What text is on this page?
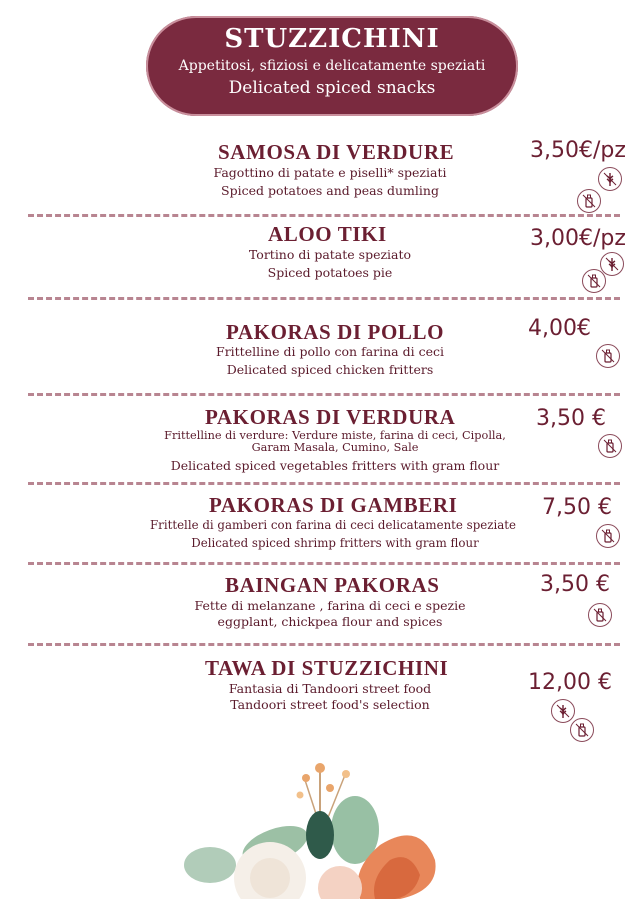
STUZZICHINI
Appetitosi, sfiziosi e delicatamente speziati
Delicated spiced snacks
SAMOSA DI VERDURE
Fagottino di patate e piselli* speziati
Spiced potatoes and peas dumling
3,50€/pz
ALOO TIKI
Tortino di patate speziato
Spiced potatoes pie
3,00€/pz
PAKORAS DI POLLO
Frittelline di pollo con farina di ceci
Delicated spiced chicken fritters
4,00€
PAKORAS DI VERDURA
Frittelline di verdure: Verdure miste, farina di ceci, Cipolla,
Garam Masala, Cumino, Sale
Delicated spiced vegetables fritters with gram flour
3,50 €
PAKORAS DI GAMBERI
Frittelle di gamberi con farina di ceci delicatamente speziate
Delicated spiced shrimp fritters with gram flour
7,50 €
BAINGAN PAKORAS
Fette di melanzane , farina di ceci e spezie
eggplant, chickpea flour and spices
3,50 €
TAWA DI STUZZICHINI
Fantasia di Tandoori street food
Tandoori street food's selection
12,00 €
